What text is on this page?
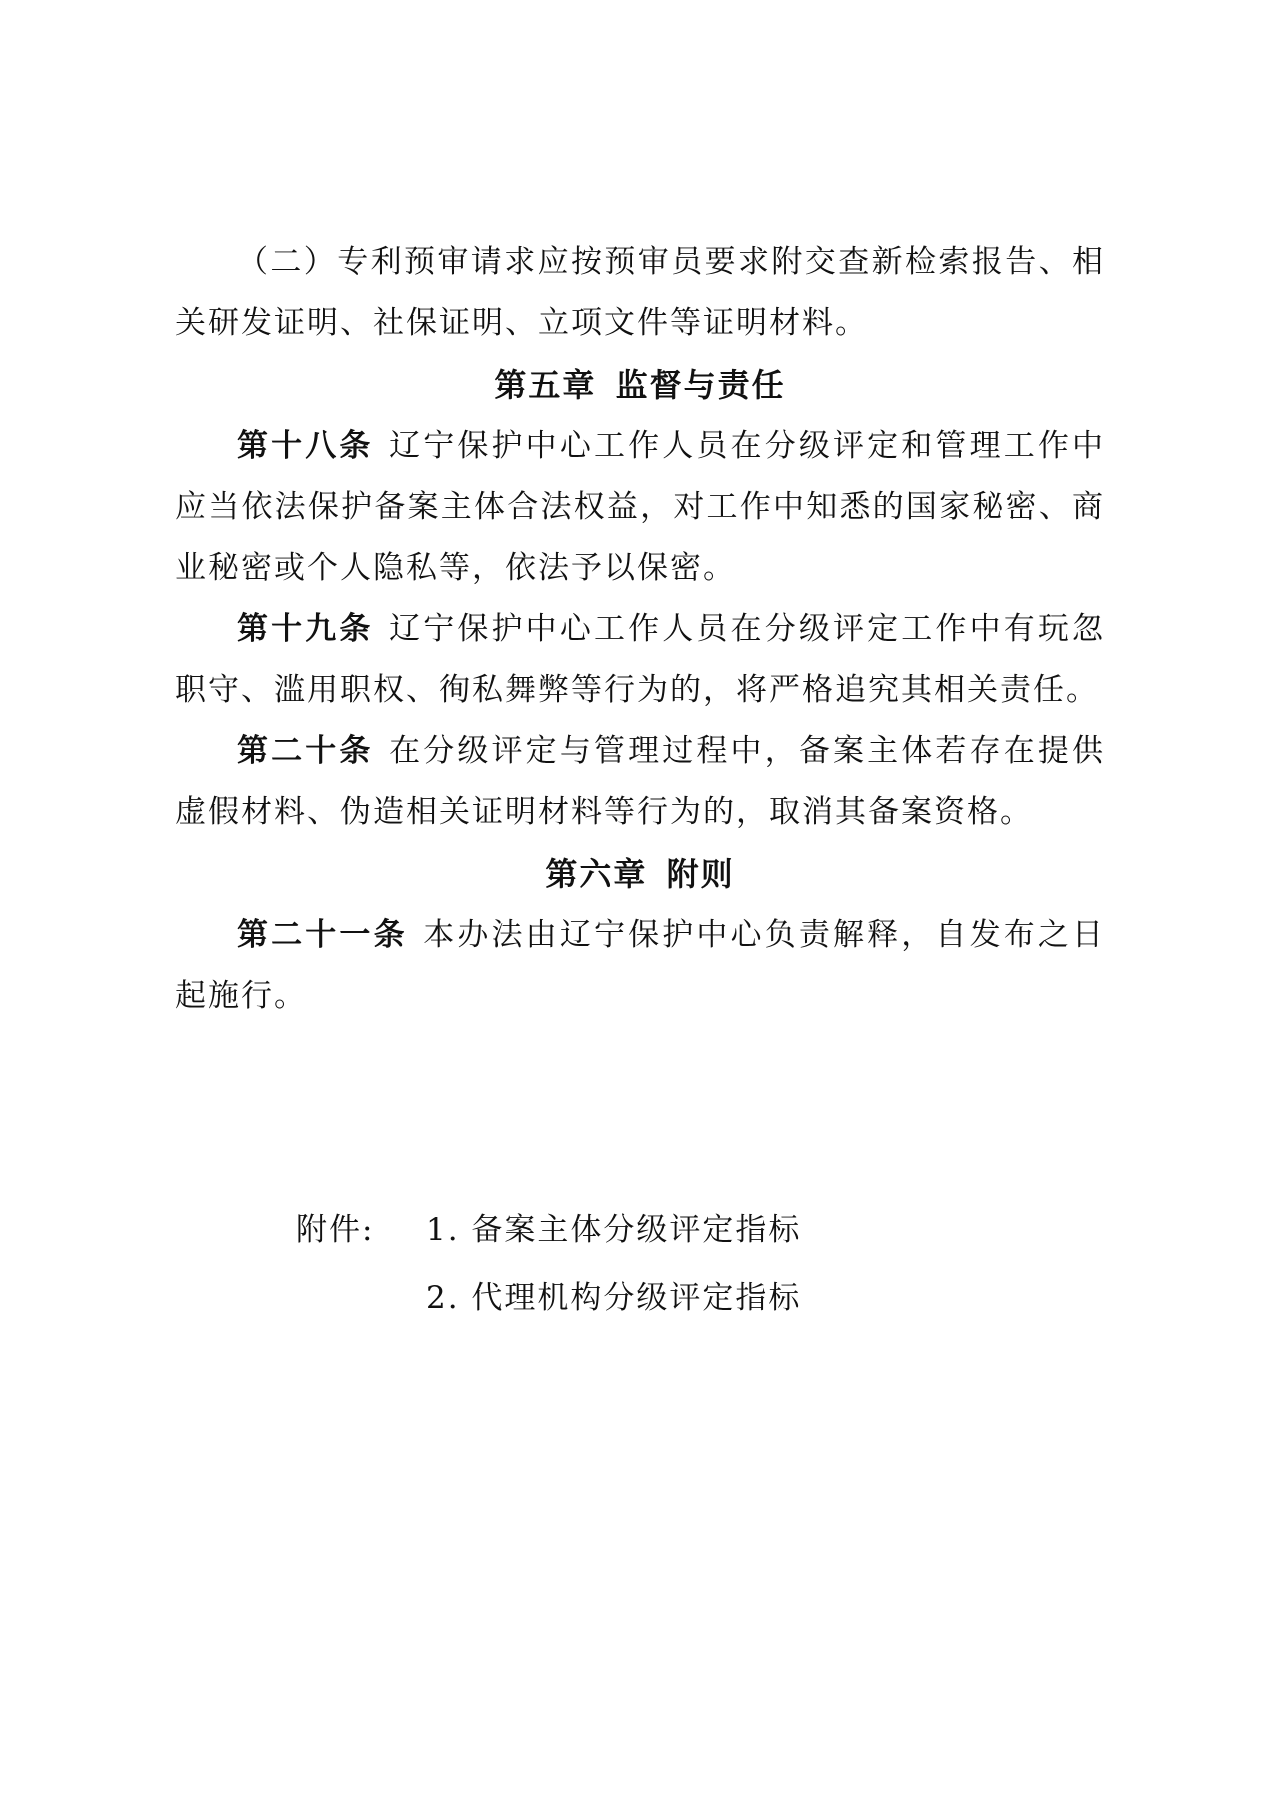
（二）专利预审请求应按预审员要求附交查新检索报告、相关研发证明、社保证明、立项文件等证明材料。

第五章 监督与责任

第十八条 辽宁保护中心工作人员在分级评定和管理工作中应当依法保护备案主体合法权益，对工作中知悉的国家秘密、商业秘密或个人隐私等，依法予以保密。

第十九条 辽宁保护中心工作人员在分级评定工作中有玩忽职守、滥用职权、徇私舞弊等行为的，将严格追究其相关责任。

第二十条 在分级评定与管理过程中，备案主体若存在提供虚假材料、伪造相关证明材料等行为的，取消其备案资格。

第六章 附则

第二十一条 本办法由辽宁保护中心负责解释，自发布之日起施行。

附件:	1. 备案主体分级评定指标
2. 代理机构分级评定指标
